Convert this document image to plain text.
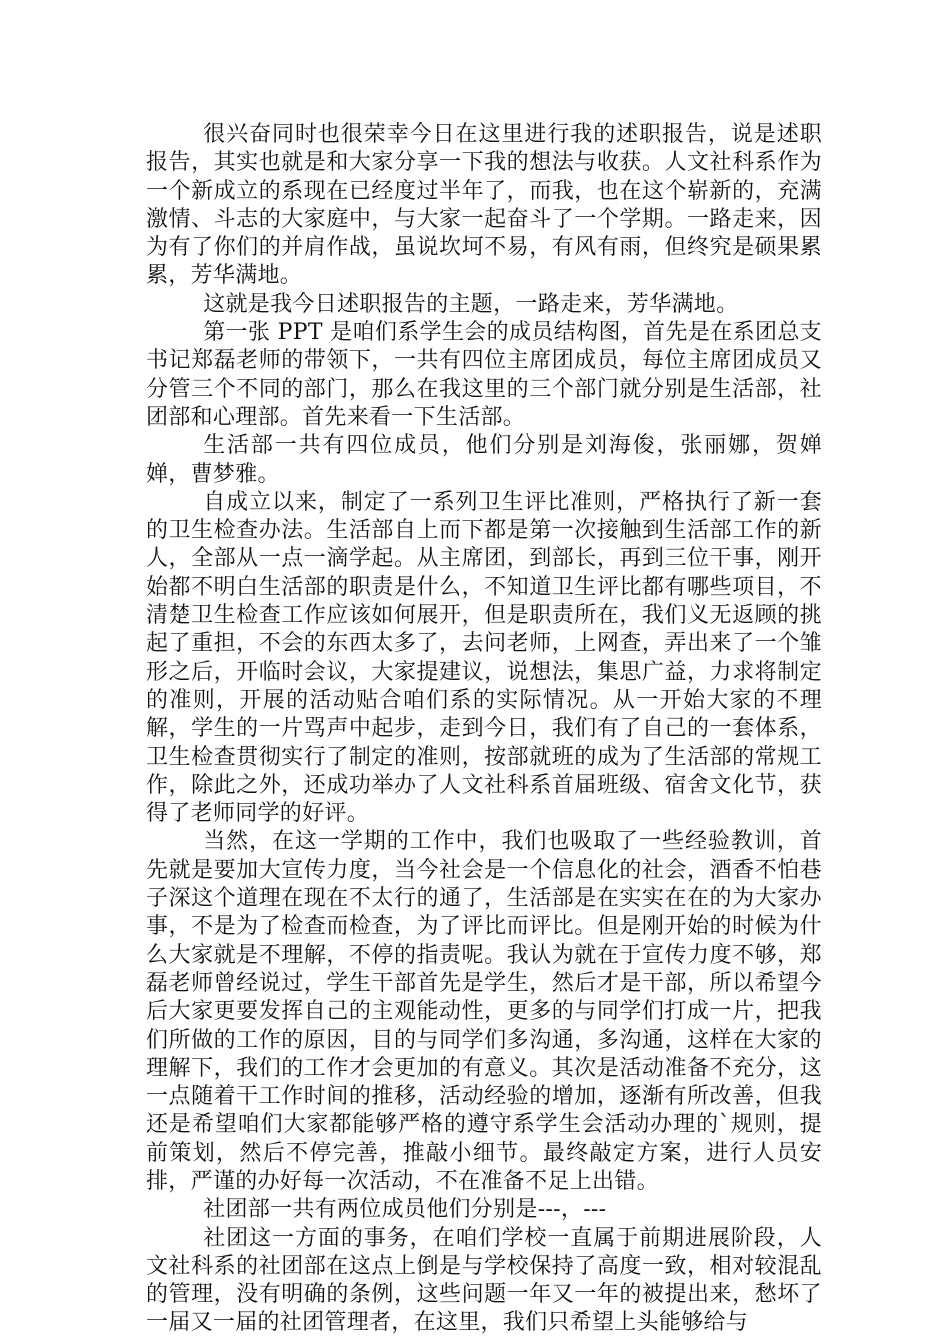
很兴奋同时也很荣幸今日在这里进行我的述职报告，说是述职报告，其实也就是和大家分享一下我的想法与收获。人文社科系作为一个新成立的系现在已经度过半年了，而我，也在这个崭新的，充满激情、斗志的大家庭中，与大家一起奋斗了一个学期。一路走来，因为有了你们的并肩作战，虽说坎坷不易，有风有雨，但终究是硕果累累，芳华满地。

这就是我今日述职报告的主题，一路走来，芳华满地。

第一张 PPT 是咱们系学生会的成员结构图，首先是在系团总支书记郑磊老师的带领下，一共有四位主席团成员，每位主席团成员又分管三个不同的部门，那么在我这里的三个部门就分别是生活部，社团部和心理部。首先来看一下生活部。

生活部一共有四位成员，他们分别是刘海俊，张丽娜，贺婵婵，曹梦雅。

自成立以来，制定了一系列卫生评比准则，严格执行了新一套的卫生检查办法。生活部自上而下都是第一次接触到生活部工作的新人，全部从一点一滴学起。从主席团，到部长，再到三位干事，刚开始都不明白生活部的职责是什么，不知道卫生评比都有哪些项目，不清楚卫生检查工作应该如何展开，但是职责所在，我们义无返顾的挑起了重担，不会的东西太多了，去问老师，上网查，弄出来了一个雏形之后，开临时会议，大家提建议，说想法，集思广益，力求将制定的准则，开展的活动贴合咱们系的实际情况。从一开始大家的不理解，学生的一片骂声中起步，走到今日，我们有了自己的一套体系，卫生检查贯彻实行了制定的准则，按部就班的成为了生活部的常规工作，除此之外，还成功举办了人文社科系首届班级、宿舍文化节，获得了老师同学的好评。

当然，在这一学期的工作中，我们也吸取了一些经验教训，首先就是要加大宣传力度，当今社会是一个信息化的社会，酒香不怕巷子深这个道理在现在不太行的通了，生活部是在实实在在的为大家办事，不是为了检查而检查，为了评比而评比。但是刚开始的时候为什么大家就是不理解，不停的指责呢。我认为就在于宣传力度不够，郑磊老师曾经说过，学生干部首先是学生，然后才是干部，所以希望今后大家更要发挥自己的主观能动性，更多的与同学们打成一片，把我们所做的工作的原因，目的与同学们多沟通，多沟通，这样在大家的理解下，我们的工作才会更加的有意义。其次是活动准备不充分，这一点随着干工作时间的推移，活动经验的增加，逐渐有所改善，但我还是希望咱们大家都能够严格的遵守系学生会活动办理的`规则，提前策划，然后不停完善，推敲小细节。最终敲定方案，进行人员安排，严谨的办好每一次活动，不在准备不足上出错。

社团部一共有两位成员他们分别是---，---

社团这一方面的事务，在咱们学校一直属于前期进展阶段，人文社科系的社团部在这点上倒是与学校保持了高度一致，相对较混乱的管理，没有明确的条例，这些问题一年又一年的被提出来，愁坏了一届又一届的社团管理者，在这里，我们只希望上头能够给与
